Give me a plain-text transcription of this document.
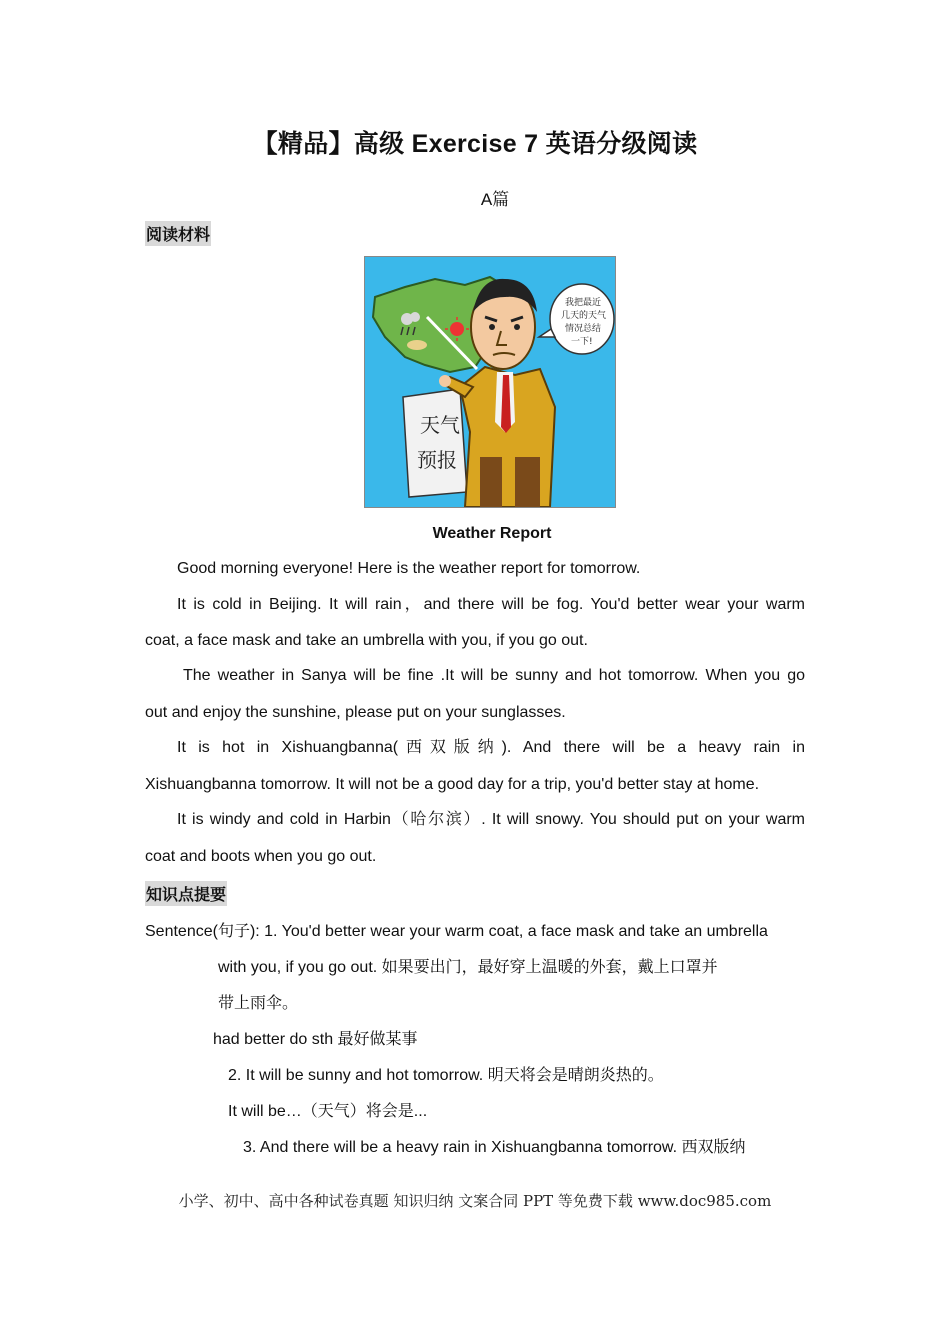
【精品】高级 Exercise 7 英语分级阅读
A篇
阅读材料
天气
预报
我把最近
几天的天气
情况总结
一下!
Weather Report
Good morning everyone! Here is the weather report for tomorrow.
It is cold in Beijing. It will rain，and there will be fog. You'd better wear your warm
coat, a face mask and take an umbrella with you, if you go out.
The weather in Sanya will be fine .It will be sunny and hot tomorrow. When you go
out and enjoy the sunshine, please put on your sunglasses.
It is hot in Xishuangbanna(西双版纳). And there will be a heavy rain in
Xishuangbanna tomorrow. It will not be a good day for a trip, you'd better stay at home.
It is windy and cold in Harbin（哈尔滨）. It will snowy. You should put on your warm
coat and boots when you go out.
知识点提要
Sentence(句子): 1. You'd better wear your warm coat, a face mask and take an umbrella
with you, if you go out. 如果要出门，最好穿上温暖的外套，戴上口罩并
带上雨伞。
had better do sth 最好做某事
2. It will be sunny and hot tomorrow. 明天将会是晴朗炎热的。
It will be…（天气）将会是...
3. And there will be a heavy rain in Xishuangbanna tomorrow. 西双版纳
小学、初中、高中各种试卷真题 知识归纳 文案合同 PPT 等免费下载 www.doc985.com
